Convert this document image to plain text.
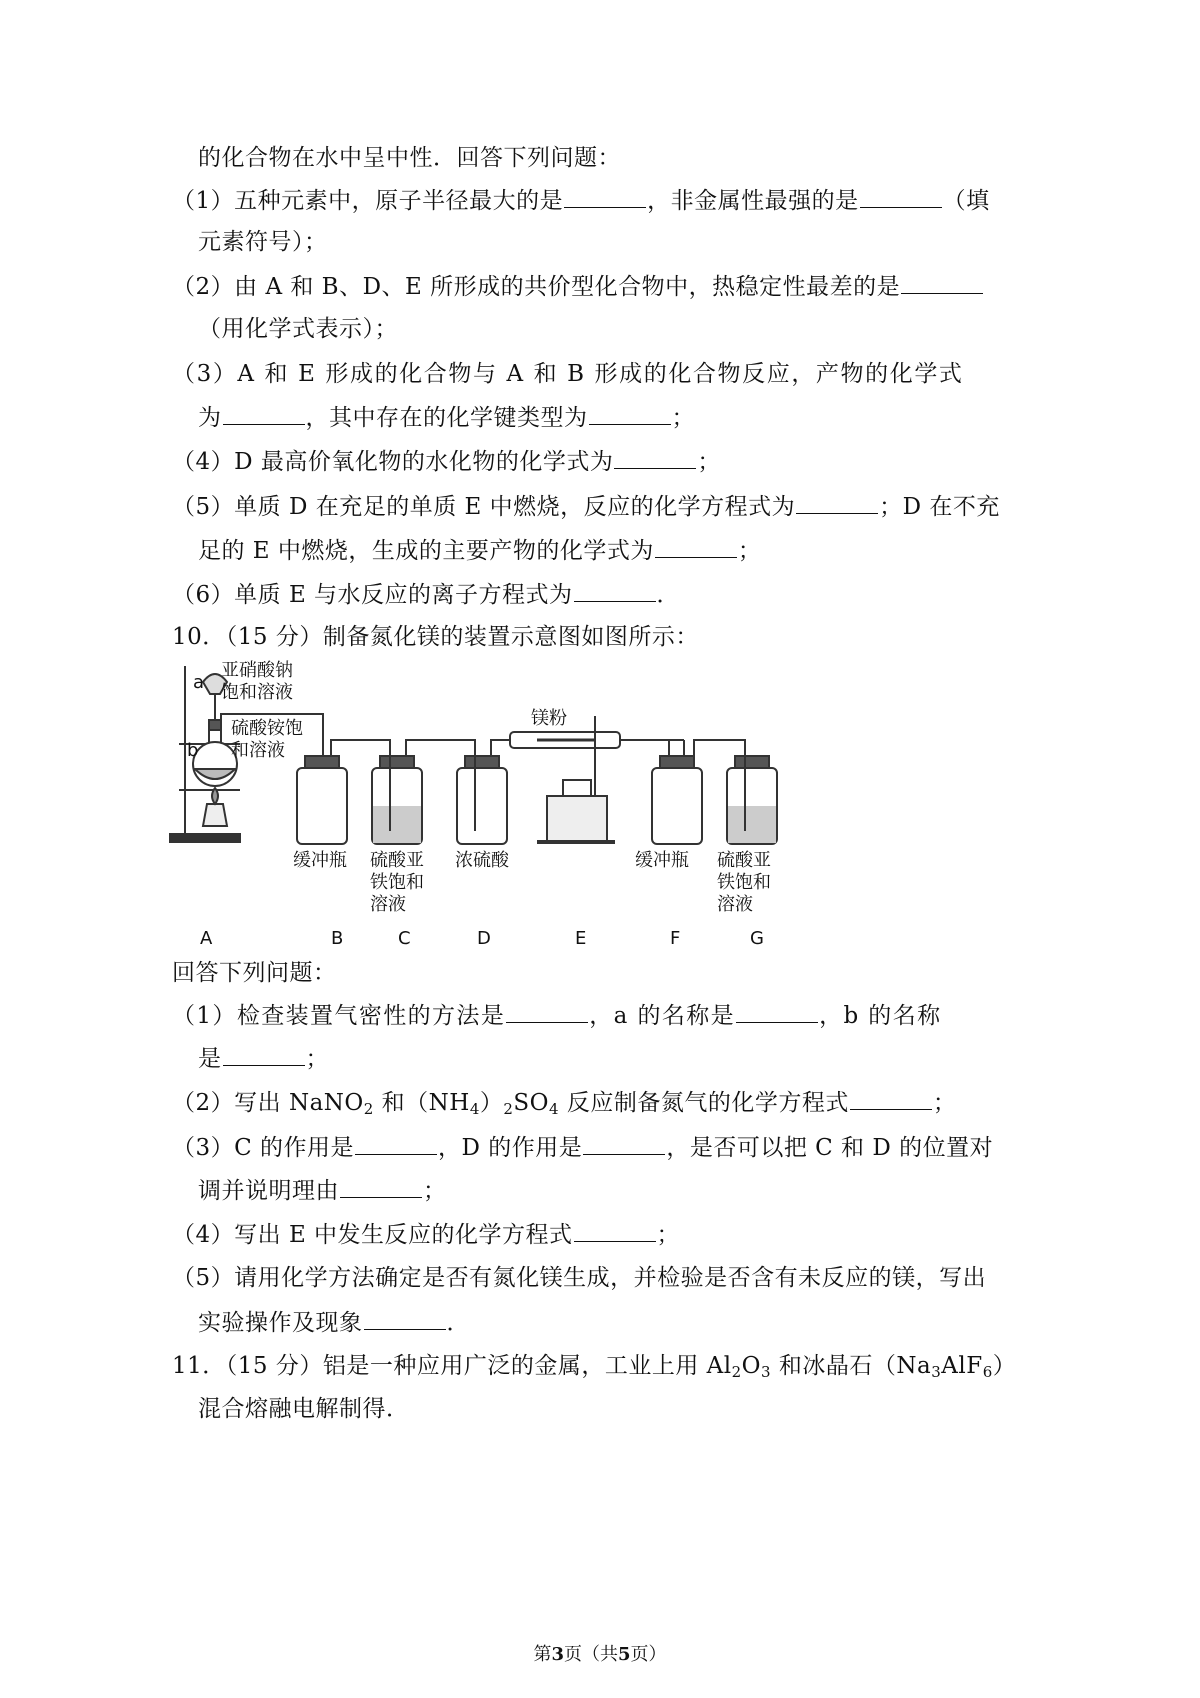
的化合物在水中呈中性．回答下列问题：
（1）五种元素中，原子半径最大的是	，非金属性最强的是	（填
元素符号）；
（2）由 A 和 B、D、E 所形成的共价型化合物中，热稳定性最差的是
（用化学式表示）；
（3）A 和 E 形成的化合物与 A 和 B 形成的化合物反应，产物的化学式
为	，其中存在的化学键类型为	；
（4）D 最高价氧化物的水化物的化学式为	；
（5）单质 D 在充足的单质 E 中燃烧，反应的化学方程式为	；D 在不充
足的 E 中燃烧，生成的主要产物的化学式为	；
（6）单质 E 与水反应的离子方程式为	．
10．（15 分）制备氮化镁的装置示意图如图所示：
亚硝酸钠
饱和溶液
硫酸铵饱
和溶液
a
b
镁粉
缓冲瓶 硫酸亚
铁饱和
溶液
浓硫酸	缓冲瓶 硫酸亚
铁饱和
溶液
A	B	C	D	E	F	G
回答下列问题：
（1）检查装置气密性的方法是	，a 的名称是	，b 的名称
是	；
（2）写出 NaNO$_2$ 和$(NH_4)_2SO_4$ 反应制备氮气的化学方程式	；
（3）C 的作用是	，D 的作用是	，是否可以把 C 和 D 的位置对
调并说明理由	；
（4）写出 E 中发生反应的化学方程式	；
（5）请用化学方法确定是否有氮化镁生成，并检验是否含有未反应的镁，写出
实验操作及现象	．
11．（15 分）铝是一种应用广泛的金属，工业上用 $Al_2O_3$ 和冰晶石$(Na_3AlF_6)$
混合熔融电解制得．
第3页（共5页）
